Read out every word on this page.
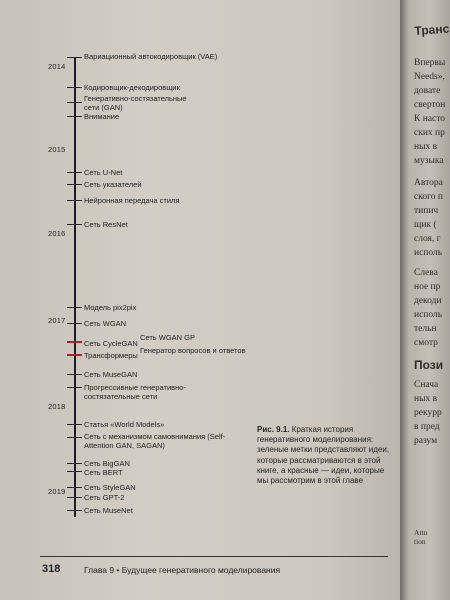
2014
2015
2016
2017
2018
2019
Вариационный автокодировщик (VAE)
Кодировщик-декодировщик
Генеративно-состязательные сети (GAN)
Внимание
Сеть U-Net
Сеть указателей
Нейронная передача стиля
Сеть ResNet
Модель pix2pix
Сеть WGAN
Сеть WGAN GP
Сеть CycleGAN
Генератор вопросов и ответов
Трансформеры
Сеть MuseGAN
Прогрессивные генеративно-состязательные сети
Статья «World Models»
Сеть с механизмом самовнимания (Self-Attention GAN, SAGAN)
Сеть BigGAN
Сеть BERT
Сеть StyleGAN
Сеть GPT-2
Сеть MuseNet
Рис. 9.1. Краткая история генеративного моделирования: зеленые метки представляют идеи, которые рассматриваются в этой книге, а красные — идеи, которые мы рассмотрим в этой главе
318	Глава 9 • Будущее генеративного моделирования
Транс
Впервы
Needs»,
довате
свертон
К насто
ских пр
ных в
музыка
Автора
ского п
типич
щик (
слоя, г
исполь
Слева
ное пр
декоди
исполь
тельн
смотр
Пози
Снача
ных в
рекурр
в пред
разум
Attn
tion
